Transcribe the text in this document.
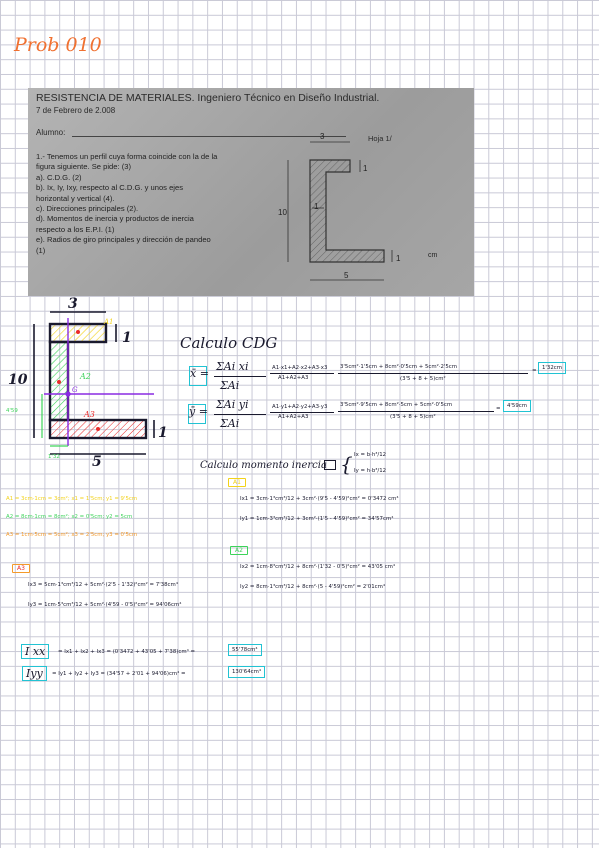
Prob 010
RESISTENCIA DE MATERIALES. Ingeniero Técnico en Diseño Industrial.
7 de Febrero de 2.008
Alumno:
Hoja 1/
1.- Tenemos un perfil cuya forma coincide con la de la
figura siguiente. Se pide: (3)
a). C.D.G. (2)
b). Ix, Iy, Ixy, respecto al C.D.G. y unos ejes
horizontal y vertical (4).
c). Direcciones principales (2).
d). Momentos de inercia y productos de inercia
respecto a los E.P.I. (1)
e). Radios de giro principales y dirección de pandeo
(1)
3
1
10
1
5
1	cm
3
1
10
1
5
A2
A3
A1
G
1'32
4'59
Calculo CDG
x̄ =
ΣAi xi
ΣAi
A1·x1+A2·x2+A3·x3
A1+A2+A3
3'5cm²·1'5cm + 8cm²·0'5cm + 5cm²·2'5cm
(3'5 + 8 + 5)cm²
=	1'32cm
ȳ =
ΣAi yi
ΣAi
A1·y1+A2·y2+A3·y3
A1+A2+A3
3'5cm²·9'5cm + 8cm²·5cm + 5cm²·0'5cm
(3'5 + 8 + 5)cm²
=	4'59cm
A1 = 3cm·1cm = 3cm²; x1 = 1'5cm; y1 = 9'5cm
A2 = 8cm·1cm = 8cm²; x2 = 0'5cm; y2 = 5cm
A3 = 1cm·5cm = 5cm²; x3 = 2'5cm; y3 = 0'5cm
Calculo momento inercia { Ix = b·h³/12
Iy = h·b³/12
A1
Ix1 = 3cm·1³cm³/12 + 3cm²·(9'5 - 4'59)²cm² = 0'3472 cm⁴
Iy1 = 1cm·3³cm³/12 + 3cm²·(1'5 - 4'59)²cm² = 34'57cm⁴
A2
Ix2 = 1cm·8³cm³/12 + 8cm²·(1'32 - 0'5)²cm² = 43'05 cm⁴
Iy2 = 8cm·1³cm³/12 + 8cm²·(5 - 4'59)²cm² = 2'01cm⁴
A3
Ix3 = 5cm·1³cm³/12 + 5cm²·(2'5 - 1'32)²cm² = 7'38cm⁴
Iy3 = 1cm·5³cm³/12 + 5cm²·(4'59 - 0'5)²cm² = 94'06cm⁴
I xx	= Ix1 + Ix2 + Ix3 = (0'3472 + 43'05 + 7'38)cm⁴ =	55'78cm⁴
Iyy	= Iy1 + Iy2 + Iy3 = (34'57 + 2'01 + 94'06)cm⁴ =	130'64cm⁴
